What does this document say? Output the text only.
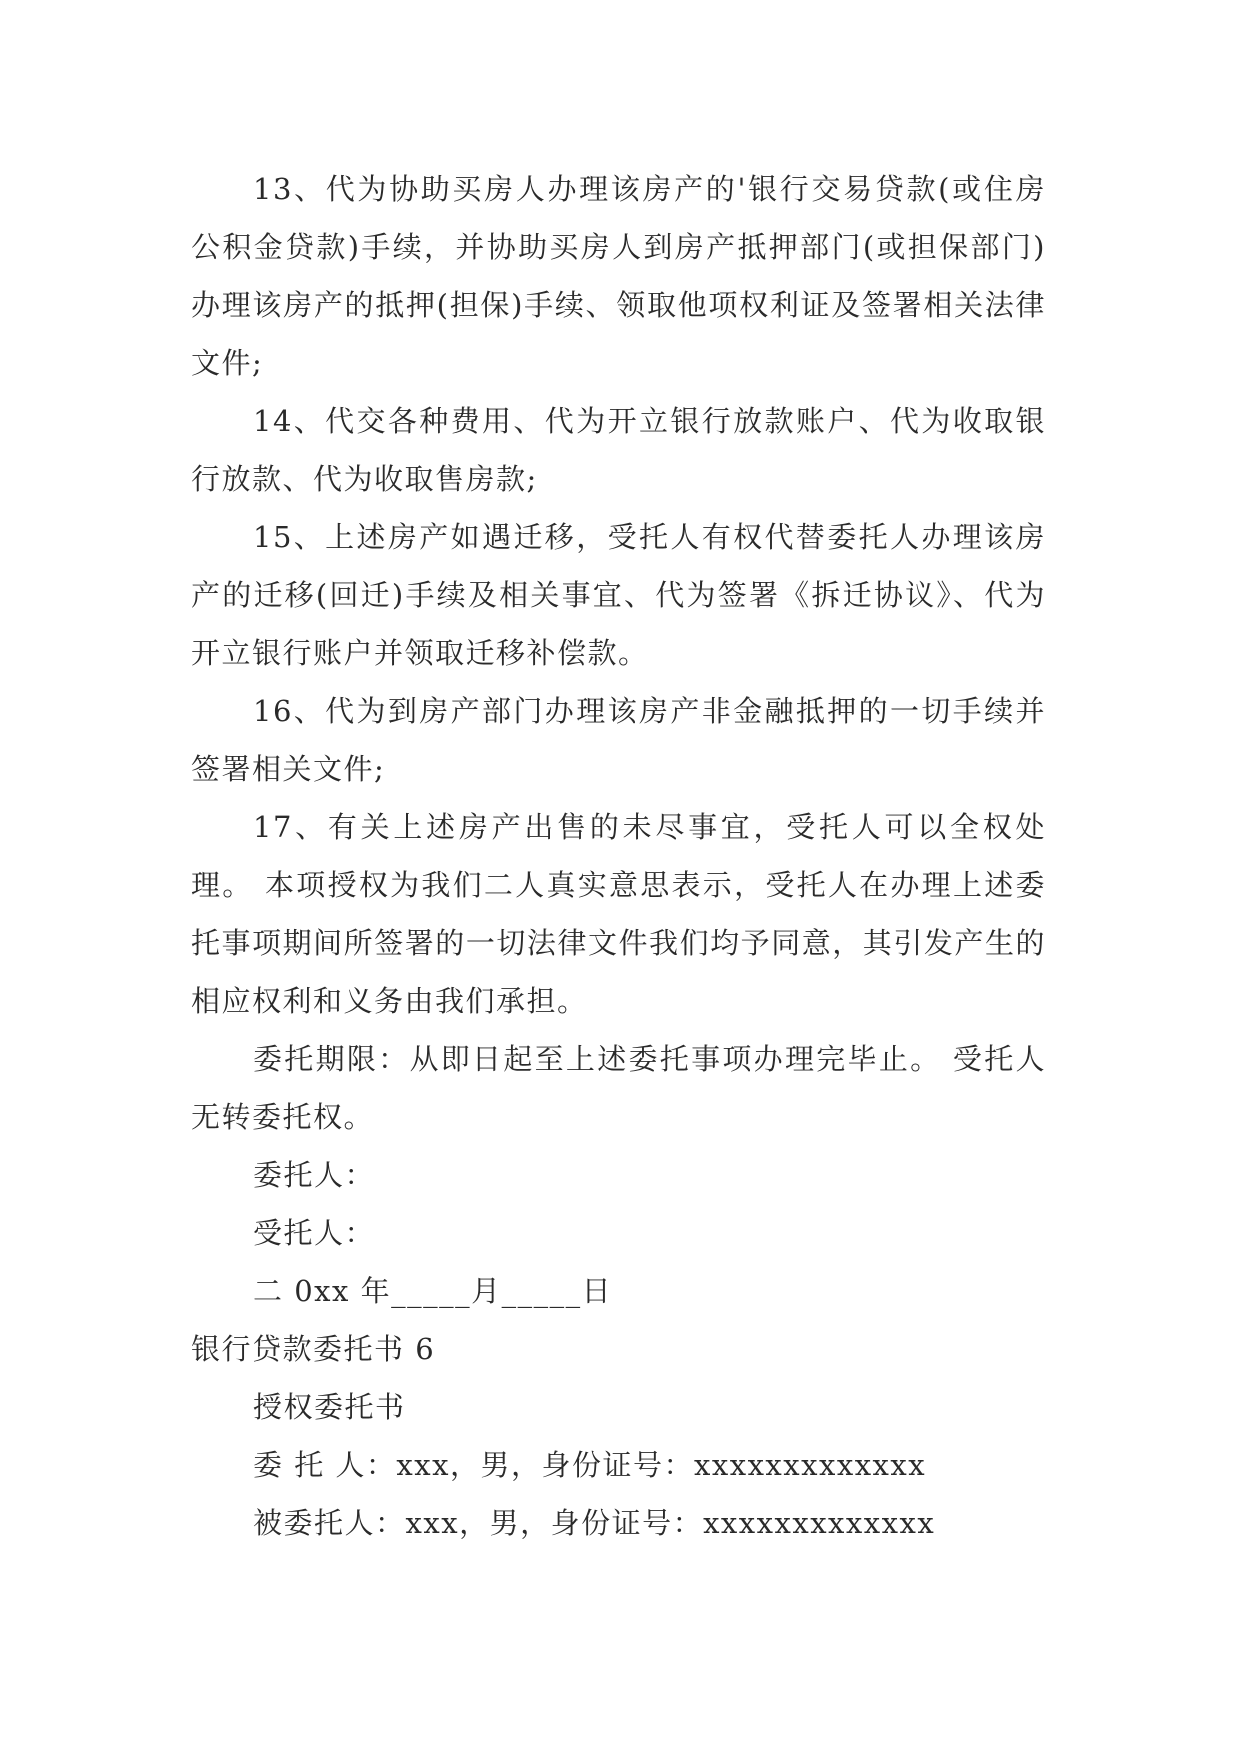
13、代为协助买房人办理该房产的'银行交易贷款(或住房公积金贷款)手续，并协助买房人到房产抵押部门(或担保部门)办理该房产的抵押(担保)手续、领取他项权利证及签署相关法律文件;

14、代交各种费用、代为开立银行放款账户、代为收取银行放款、代为收取售房款;

15、上述房产如遇迁移，受托人有权代替委托人办理该房产的迁移(回迁)手续及相关事宜、代为签署《拆迁协议》、代为开立银行账户并领取迁移补偿款。

16、代为到房产部门办理该房产非金融抵押的一切手续并签署相关文件;

17、有关上述房产出售的未尽事宜，受托人可以全权处理。 本项授权为我们二人真实意思表示，受托人在办理上述委托事项期间所签署的一切法律文件我们均予同意，其引发产生的相应权利和义务由我们承担。

委托期限：从即日起至上述委托事项办理完毕止。 受托人无转委托权。

委托人：

受托人：

二 0xx 年_____月_____日

银行贷款委托书 6

授权委托书

委 托 人：xxx，男，身份证号：xxxxxxxxxxxxx

被委托人：xxx，男，身份证号：xxxxxxxxxxxxx
